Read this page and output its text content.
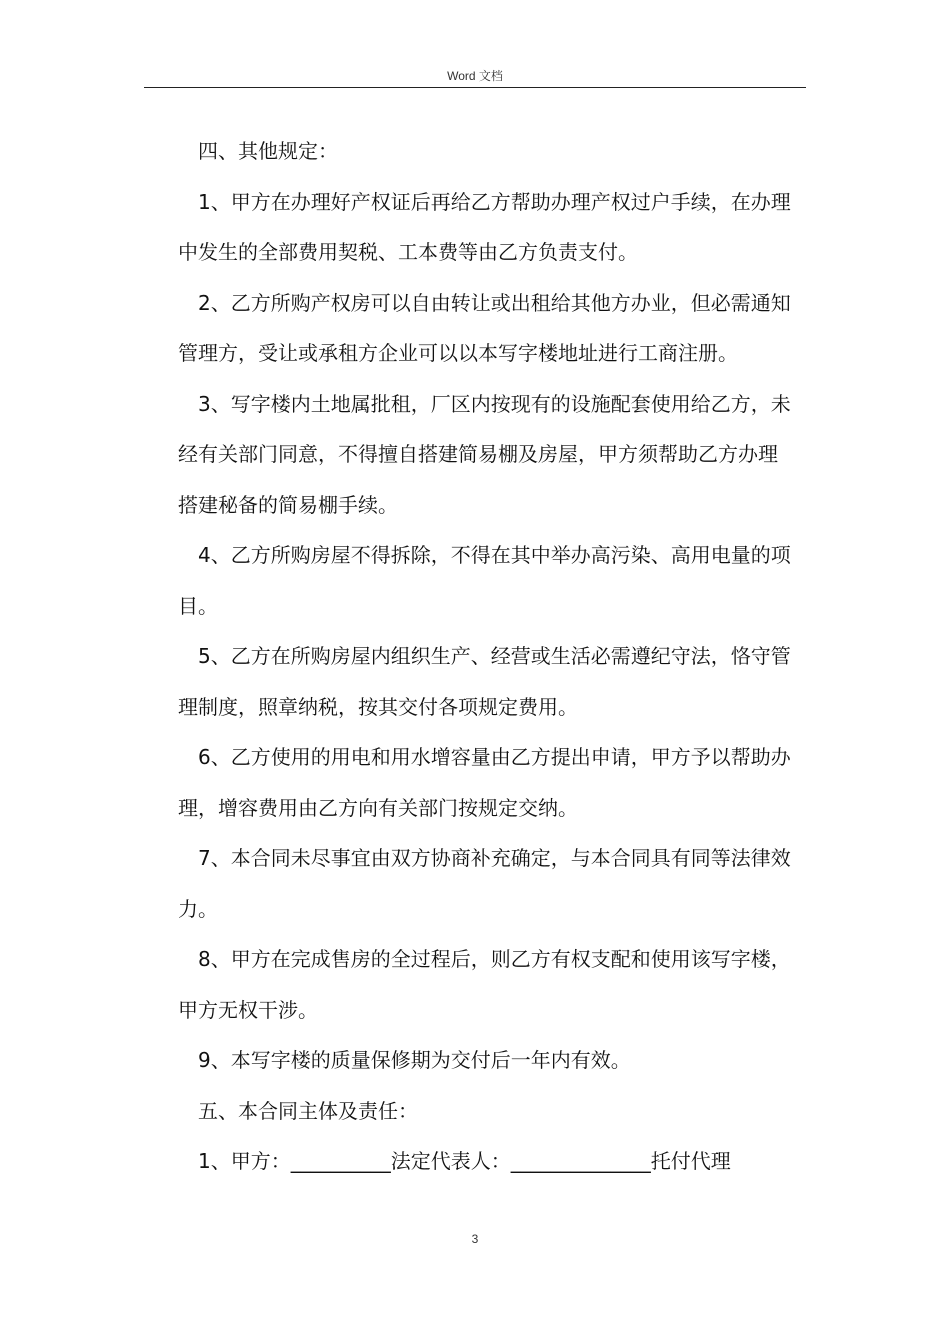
Word 文档

四、其他规定：

1、甲方在办理好产权证后再给乙方帮助办理产权过户手续，在办理中发生的全部费用契税、工本费等由乙方负责支付。

2、乙方所购产权房可以自由转让或出租给其他方办业，但必需通知管理方，受让或承租方企业可以以本写字楼地址进行工商注册。

3、写字楼内土地属批租，厂区内按现有的设施配套使用给乙方，未经有关部门同意，不得擅自搭建简易棚及房屋，甲方须帮助乙方办理搭建秘备的简易棚手续。

4、乙方所购房屋不得拆除，不得在其中举办高污染、高用电量的项目。

5、乙方在所购房屋内组织生产、经营或生活必需遵纪守法，恪守管理制度，照章纳税，按其交付各项规定费用。

6、乙方使用的用电和用水增容量由乙方提出申请，甲方予以帮助办理，增容费用由乙方向有关部门按规定交纳。

7、本合同未尽事宜由双方协商补充确定，与本合同具有同等法律效力。

8、甲方在完成售房的全过程后，则乙方有权支配和使用该写字楼，甲方无权干涉。

9、本写字楼的质量保修期为交付后一年内有效。

五、本合同主体及责任：

1、甲方：__________法定代表人：______________托付代理

3
